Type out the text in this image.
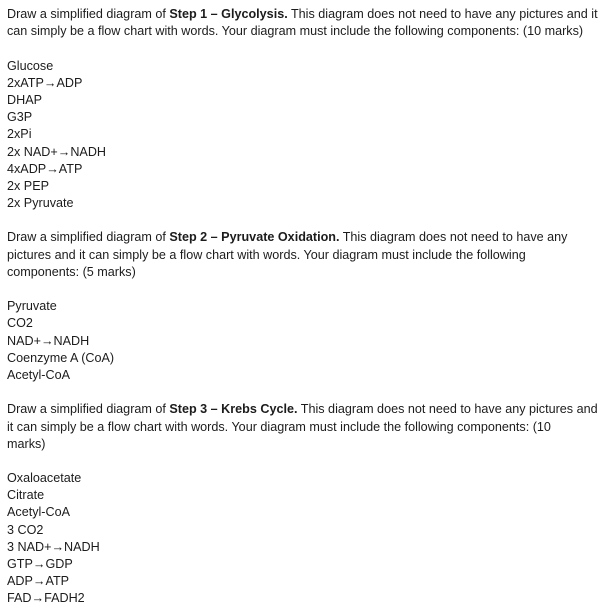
Draw a simplified diagram of Step 1 – Glycolysis. This diagram does not need to have any pictures and it
can simply be a flow chart with words. Your diagram must include the following components: (10 marks)
Glucose
2xATP→ADP
DHAP
G3P
2xPi
2x NAD+→NADH
4xADP→ATP
2x PEP
2x Pyruvate
Draw a simplified diagram of Step 2 – Pyruvate Oxidation. This diagram does not need to have any
pictures and it can simply be a flow chart with words. Your diagram must include the following
components: (5 marks)
Pyruvate
CO2
NAD+→NADH
Coenzyme A (CoA)
Acetyl-CoA
Draw a simplified diagram of Step 3 – Krebs Cycle. This diagram does not need to have any pictures and
it can simply be a flow chart with words. Your diagram must include the following components: (10
marks)
Oxaloacetate
Citrate
Acetyl-CoA
3 CO2
3 NAD+→NADH
GTP→GDP
ADP→ATP
FAD→FADH2
